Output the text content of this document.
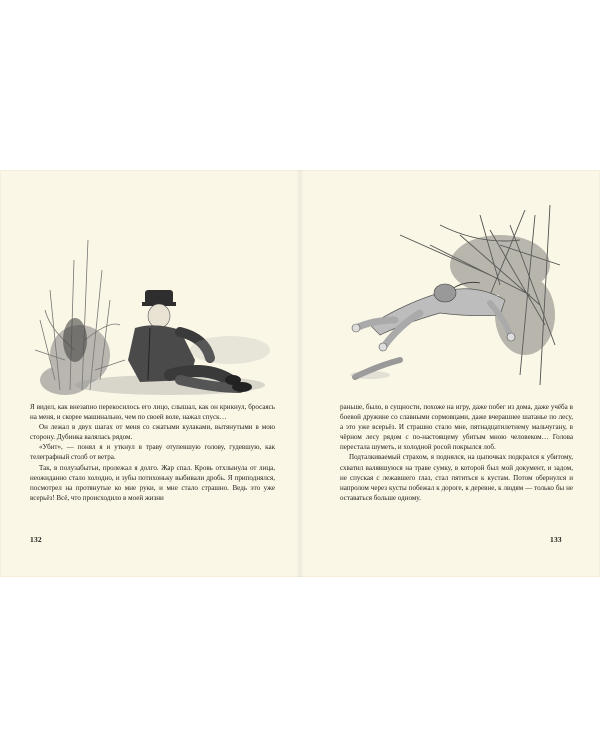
Я видел, как внезапно перекосилось его лицо, слышал, как он крикнул, бросаясь на меня, и скорее машинально, чем по своей воле, нажал спуск…

Он лежал в двух шагах от меня со сжатыми кулаками, вытянутыми в мою сторону. Дубинка валялась рядом.

«Убит», — понял я и уткнул в траву отупевшую голову, гудевшую, как телеграфный столб от ветра.

Так, в полузабытьи, пролежал я долго. Жар спал. Кровь отхлынула от лица, неожиданно стало холодно, и зубы потихоньку выбивали дробь. Я приподнялся, посмотрел на протянутые ко мне руки, и мне стало страшно. Ведь это уже всерьёз! Всё, что происходило в моей жизни

132

раньше, было, в сущности, похоже на игру, даже побег из дома, даже учёба в боевой дружине со славными сормовцами, даже вчерашнее шатанье по лесу, а это уже всерьёз. И страшно стало мне, пятнадцатилетнему мальчугану, в чёрном лесу рядом с по-настоящему убитым мною человеком… Голова перестала шуметь, и холодной росой покрылся лоб.

Подталкиваемый страхом, я поднялся, на цыпочках подкрался к убитому, схватил валявшуюся на траве сумку, в которой был мой документ, и задом, не спуская с лежавшего глаз, стал пятиться к кустам. Потом обернулся и напролом через кусты побежал к дороге, к деревне, к людям — только бы не оставаться больше одному.

133
